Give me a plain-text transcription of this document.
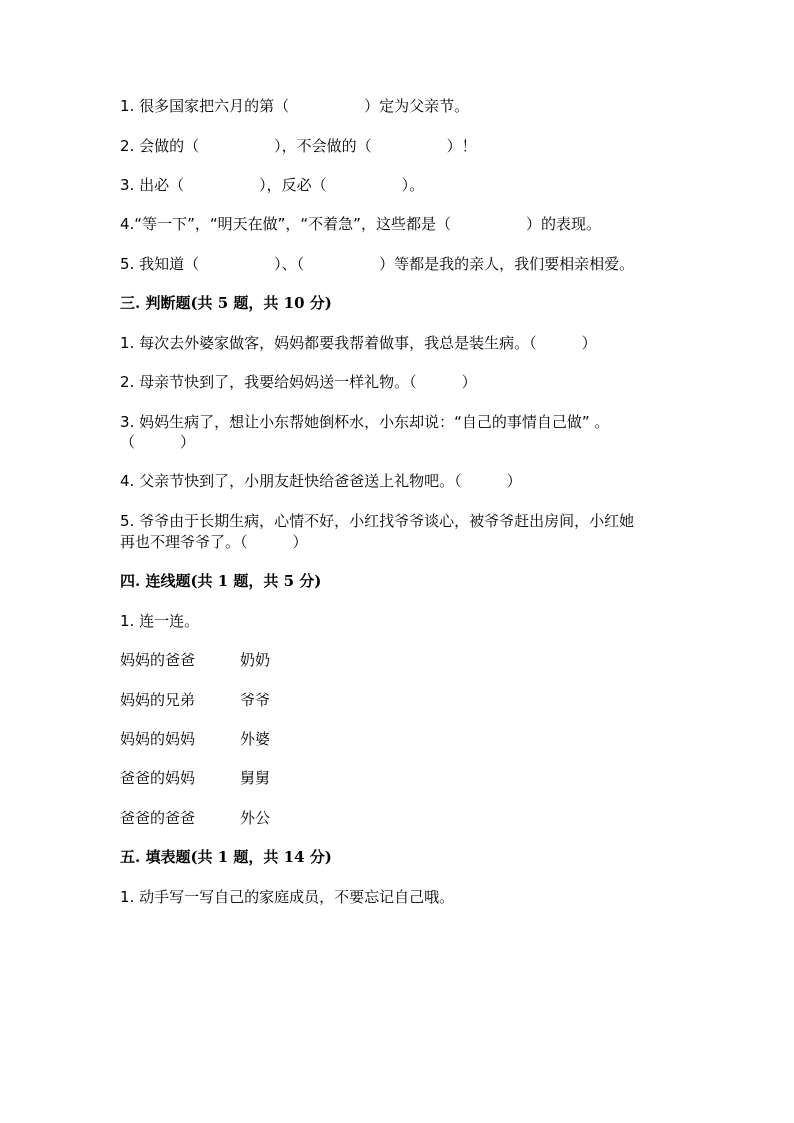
1. 很多国家把六月的第（　　　　　）定为父亲节。
2. 会做的（　　　　　），不会做的（　　　　　）！
3. 出必（　　　　　），反必（　　　　　）。
4.“等一下”，“明天在做”，“不着急”，这些都是（　　　　　）的表现。
5. 我知道（　　　　　）、（　　　　　）等都是我的亲人，我们要相亲相爱。
三. 判断题(共 5 题，共 10 分)
1. 每次去外婆家做客，妈妈都要我帮着做事，我总是装生病。（　　　）
2. 母亲节快到了，我要给妈妈送一样礼物。（　　　）
3. 妈妈生病了，想让小东帮她倒杯水，小东却说：“自己的事情自己做” 。
（　　　）
4. 父亲节快到了，小朋友赶快给爸爸送上礼物吧。（　　　）
5. 爷爷由于长期生病，心情不好，小红找爷爷谈心，被爷爷赶出房间，小红她
再也不理爷爷了。（　　　）
四. 连线题(共 1 题，共 5 分)
1. 连一连。
妈妈的爸爸	奶奶
妈妈的兄弟	爷爷
妈妈的妈妈	外婆
爸爸的妈妈	舅舅
爸爸的爸爸	外公
五. 填表题(共 1 题，共 14 分)
1. 动手写一写自己的家庭成员，不要忘记自己哦。
